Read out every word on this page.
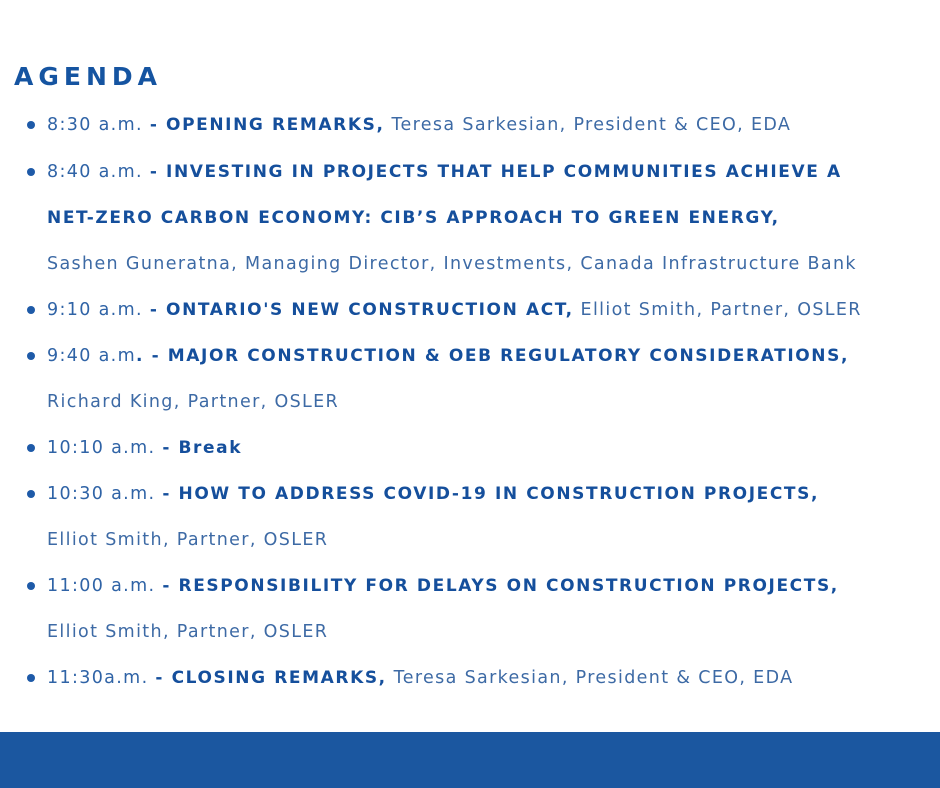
AGENDA
8:30 a.m. - OPENING REMARKS, Teresa Sarkesian, President & CEO, EDA
8:40 a.m. - INVESTING IN PROJECTS THAT HELP COMMUNITIES ACHIEVE A
NET-ZERO CARBON ECONOMY: CIB’S APPROACH TO GREEN ENERGY,
Sashen Guneratna, Managing Director, Investments, Canada Infrastructure Bank
9:10 a.m. - ONTARIO'S NEW CONSTRUCTION ACT, Elliot Smith, Partner, OSLER
9:40 a.m. - MAJOR CONSTRUCTION & OEB REGULATORY CONSIDERATIONS,
Richard King, Partner, OSLER
10:10 a.m. - Break
10:30 a.m. - HOW TO ADDRESS COVID-19 IN CONSTRUCTION PROJECTS,
Elliot Smith, Partner, OSLER
11:00 a.m. - RESPONSIBILITY FOR DELAYS ON CONSTRUCTION PROJECTS,
Elliot Smith, Partner, OSLER
11:30a.m. - CLOSING REMARKS, Teresa Sarkesian, President & CEO, EDA
